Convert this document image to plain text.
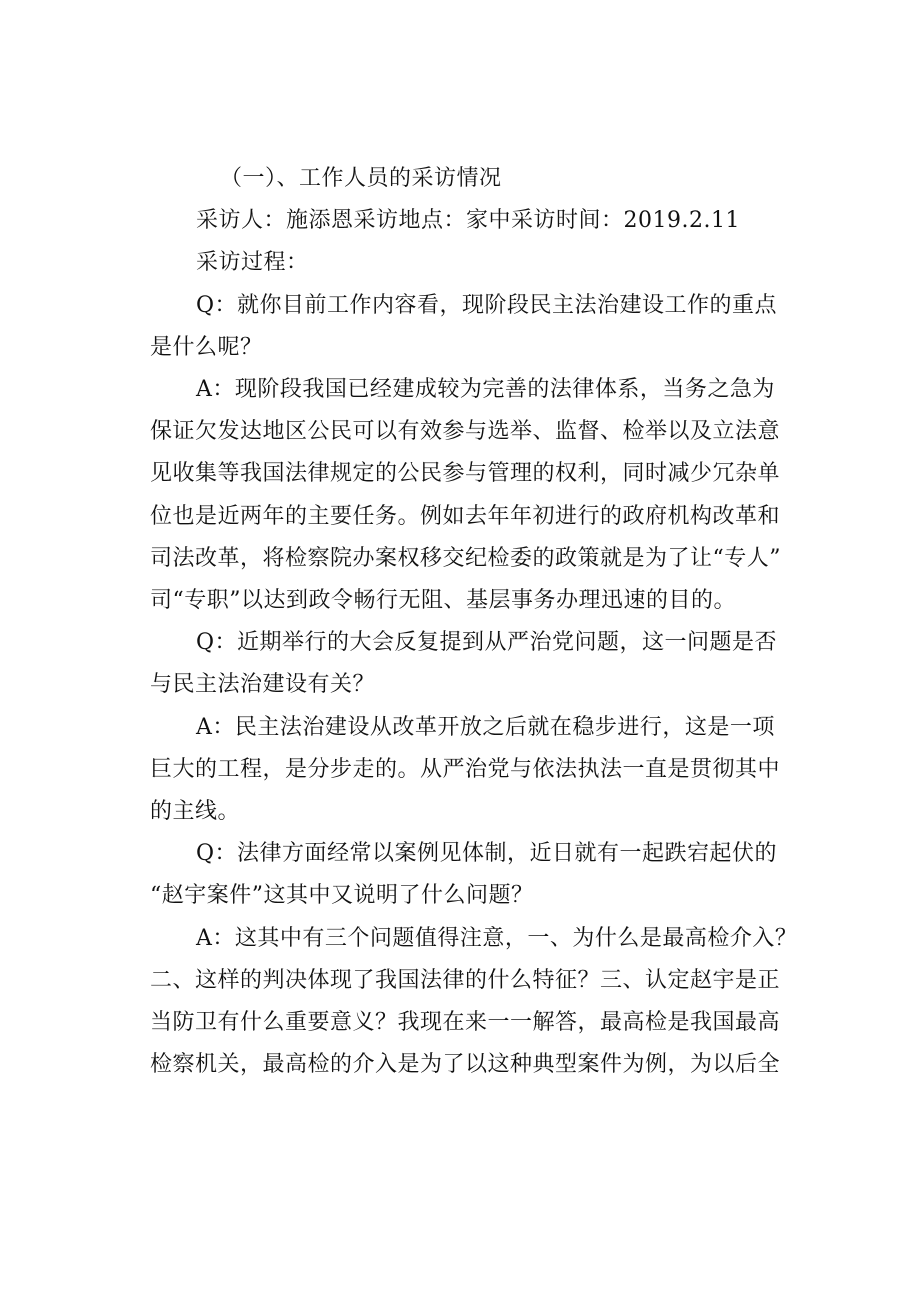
（一）、工作人员的采访情况
采访人：施添恩采访地点：家中采访时间：2019.2.11
采访过程：
Q：就你目前工作内容看，现阶段民主法治建设工作的重点
是什么呢？
A：现阶段我国已经建成较为完善的法律体系，当务之急为
保证欠发达地区公民可以有效参与选举、监督、检举以及立法意
见收集等我国法律规定的公民参与管理的权利，同时减少冗杂单
位也是近两年的主要任务。例如去年年初进行的政府机构改革和
司法改革，将检察院办案权移交纪检委的政策就是为了让“专人”
司“专职”以达到政令畅行无阻、基层事务办理迅速的目的。
Q：近期举行的大会反复提到从严治党问题，这一问题是否
与民主法治建设有关？
A：民主法治建设从改革开放之后就在稳步进行，这是一项
巨大的工程，是分步走的。从严治党与依法执法一直是贯彻其中
的主线。
Q：法律方面经常以案例见体制，近日就有一起跌宕起伏的
“赵宇案件”这其中又说明了什么问题？
A：这其中有三个问题值得注意，一、为什么是最高检介入？
二、这样的判决体现了我国法律的什么特征？三、认定赵宇是正
当防卫有什么重要意义？我现在来一一解答，最高检是我国最高
检察机关，最高检的介入是为了以这种典型案件为例，为以后全
